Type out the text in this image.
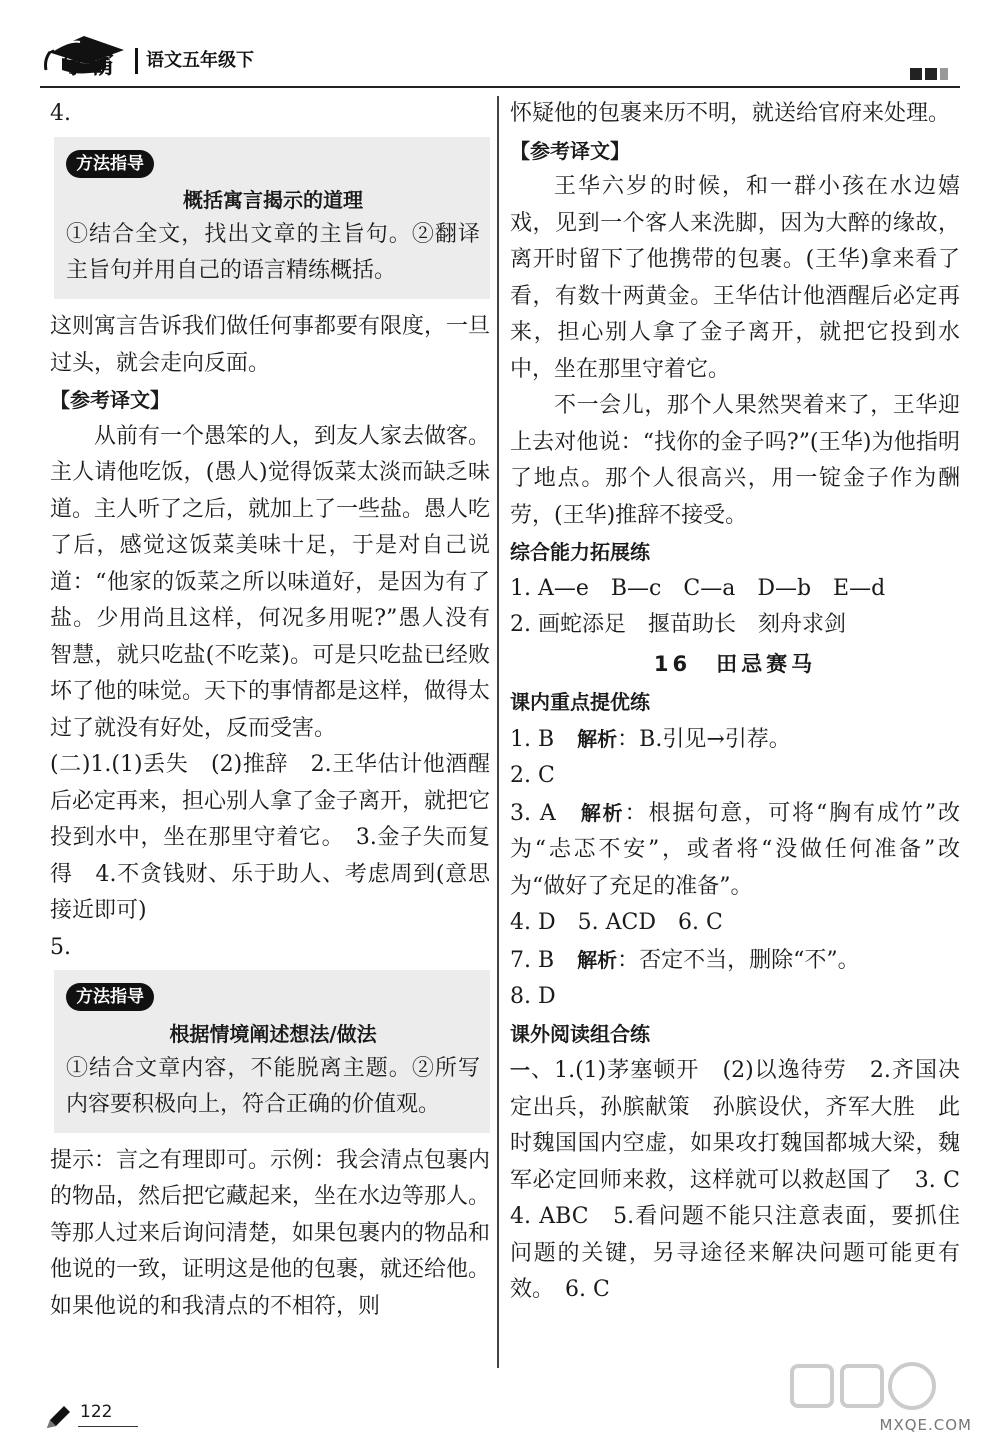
学霸 语文五年级下

4.

方法指导

概括寓言揭示的道理

①结合全文，找出文章的主旨句。②翻译主旨句并用自己的语言精练概括。

这则寓言告诉我们做任何事都要有限度，一旦过头，就会走向反面。

【参考译文】

从前有一个愚笨的人，到友人家去做客。主人请他吃饭，(愚人)觉得饭菜太淡而缺乏味道。主人听了之后，就加上了一些盐。愚人吃了后，感觉这饭菜美味十足，于是对自己说道：“他家的饭菜之所以味道好，是因为有了盐。少用尚且这样，何况多用呢?”愚人没有智慧，就只吃盐(不吃菜)。可是只吃盐已经败坏了他的味觉。天下的事情都是这样，做得太过了就没有好处，反而受害。

(二)1.(1)丢失　(2)推辞　2.王华估计他酒醒后必定再来，担心别人拿了金子离开，就把它投到水中，坐在那里守着它。　3.金子失而复得　4.不贪钱财、乐于助人、考虑周到(意思接近即可)

5.

方法指导

根据情境阐述想法/做法

①结合文章内容，不能脱离主题。②所写内容要积极向上，符合正确的价值观。

提示：言之有理即可。示例：我会清点包裹内的物品，然后把它藏起来，坐在水边等那人。等那人过来后询问清楚，如果包裹内的物品和他说的一致，证明这是他的包裹，就还给他。如果他说的和我清点的不相符，则

怀疑他的包裹来历不明，就送给官府来处理。

【参考译文】

王华六岁的时候，和一群小孩在水边嬉戏，见到一个客人来洗脚，因为大醉的缘故，离开时留下了他携带的包裹。(王华)拿来看了看，有数十两黄金。王华估计他酒醒后必定再来，担心别人拿了金子离开，就把它投到水中，坐在那里守着它。

不一会儿，那个人果然哭着来了，王华迎上去对他说：“找你的金子吗?”(王华)为他指明了地点。那个人很高兴，用一锭金子作为酬劳，(王华)推辞不接受。

综合能力拓展练

1. A—e　B—c　C—a　D—b　E—d

2. 画蛇添足　揠苗助长　刻舟求剑

16　田忌赛马

课内重点提优练

1. B 解析：B.引见→引荐。

2. C

3. A 解析：根据句意，可将“胸有成竹”改为“忐忑不安”，或者将“没做任何准备”改为“做好了充足的准备”。

4. D　5. ACD　6. C

7. B 解析：否定不当，删除“不”。

8. D

课外阅读组合练

一、1.(1)茅塞顿开　(2)以逸待劳　2.齐国决定出兵，孙膑献策　孙膑设伏，齐军大胜　此时魏国国内空虚，如果攻打魏国都城大梁，魏军必定回师来救，这样就可以救赵国了　3. C　4. ABC　5.看问题不能只注意表面，要抓住问题的关键，另寻途径来解决问题可能更有效。　6. C

122
MXQE.COM
